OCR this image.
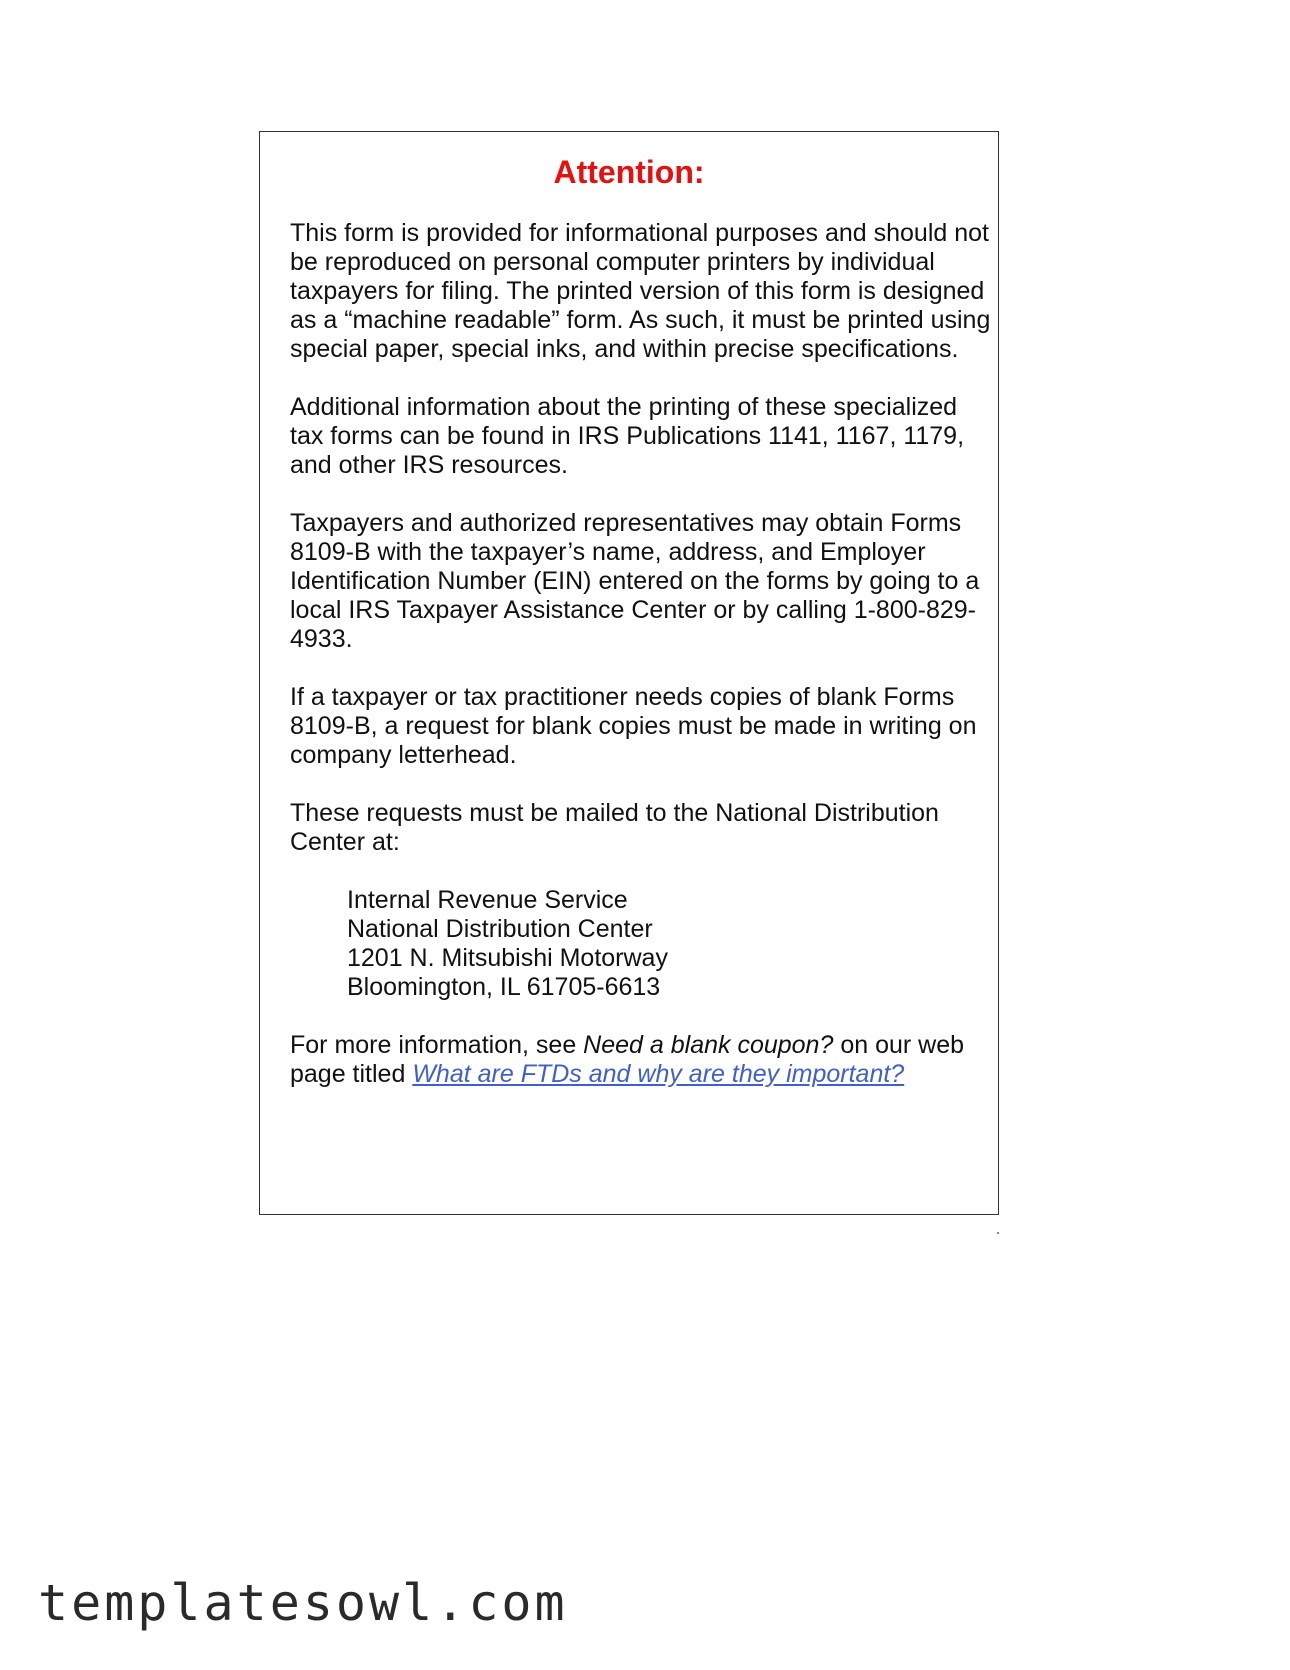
Attention:

This form is provided for informational purposes and should not be reproduced on personal computer printers by individual taxpayers for filing. The printed version of this form is designed as a “machine readable” form. As such, it must be printed using special paper, special inks, and within precise specifications.

Additional information about the printing of these specialized tax forms can be found in IRS Publications 1141, 1167, 1179, and other IRS resources.

Taxpayers and authorized representatives may obtain Forms 8109-B with the taxpayer’s name, address, and Employer Identification Number (EIN) entered on the forms by going to a local IRS Taxpayer Assistance Center or by calling 1-800-829-4933.

If a taxpayer or tax practitioner needs copies of blank Forms 8109-B, a request for blank copies must be made in writing on company letterhead.

These requests must be mailed to the National Distribution Center at:

Internal Revenue Service
National Distribution Center
1201 N. Mitsubishi Motorway
Bloomington, IL 61705-6613

For more information, see Need a blank coupon? on our web page titled What are FTDs and why are they important?

templatesowl.com
